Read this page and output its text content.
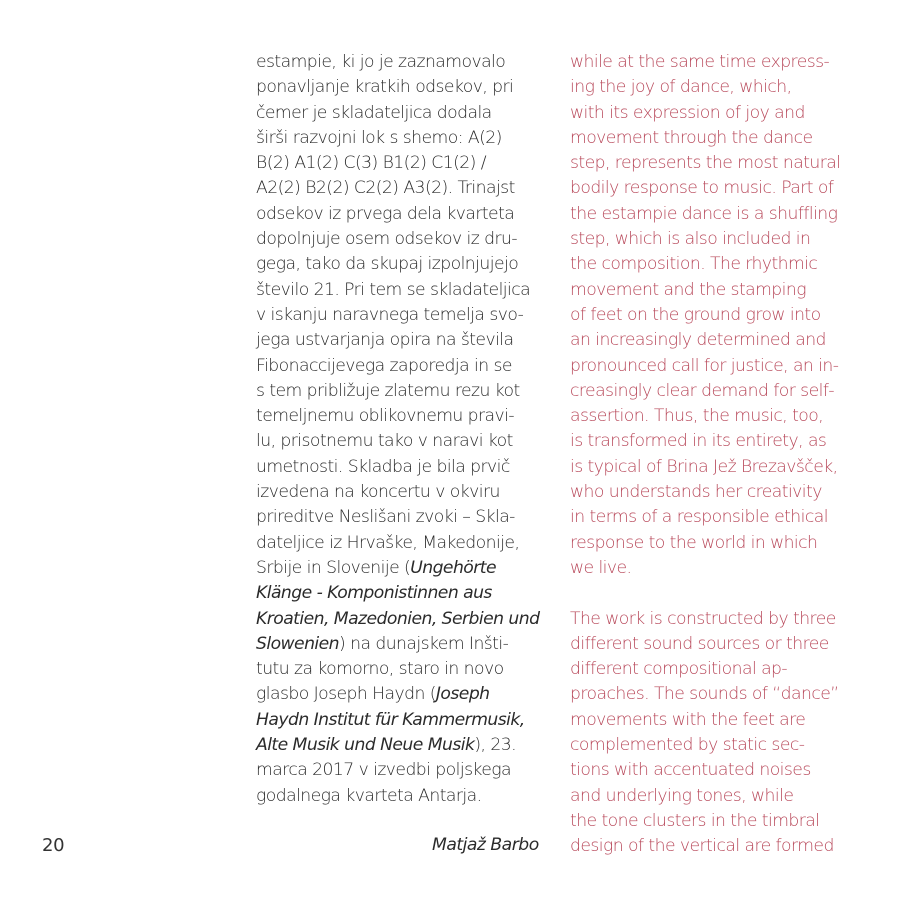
estampie, ki jo je zaznamovalo
ponavljanje kratkih odsekov, pri
čemer je skladateljica dodala
širši razvojni lok s shemo: A(2)
B(2) A1(2) C(3) B1(2) C1(2) /
A2(2) B2(2) C2(2) A3(2). Trinajst
odsekov iz prvega dela kvarteta
dopolnjuje osem odsekov iz dru-
gega, tako da skupaj izpolnjujejo
število 21. Pri tem se skladateljica
v iskanju naravnega temelja svo-
jega ustvarjanja opira na števila
Fibonaccijevega zaporedja in se
s tem približuje zlatemu rezu kot
temeljnemu oblikovnemu pravi-
lu, prisotnemu tako v naravi kot
umetnosti. Skladba je bila prvič
izvedena na koncertu v okviru
prireditve Neslišani zvoki – Skla-
dateljice iz Hrvaške, Makedonije,
Srbije in Slovenije (Ungehörte
Klänge - Komponistinnen aus
Kroatien, Mazedonien, Serbien und
Slowenien) na dunajskem Inšti-
tutu za komorno, staro in novo
glasbo Joseph Haydn (Joseph
Haydn Institut für Kammermusik,
Alte Musik und Neue Musik), 23.
marca 2017 v izvedbi poljskega
godalnega kvarteta Antarja.
while at the same time express-
ing the joy of dance, which,
with its expression of joy and
movement through the dance
step, represents the most natural
bodily response to music. Part of
the estampie dance is a shuffling
step, which is also included in
the composition. The rhythmic
movement and the stamping
of feet on the ground grow into
an increasingly determined and
pronounced call for justice, an in-
creasingly clear demand for self-
assertion. Thus, the music, too,
is transformed in its entirety, as
is typical of Brina Jež Brezavšček,
who understands her creativity
in terms of a responsible ethical
response to the world in which
we live.
The work is constructed by three
different sound sources or three
different compositional ap-
proaches. The sounds of “dance”
movements with the feet are
complemented by static sec-
tions with accentuated noises
and underlying tones, while
the tone clusters in the timbral
design of the vertical are formed
20	Matjaž Barbo
